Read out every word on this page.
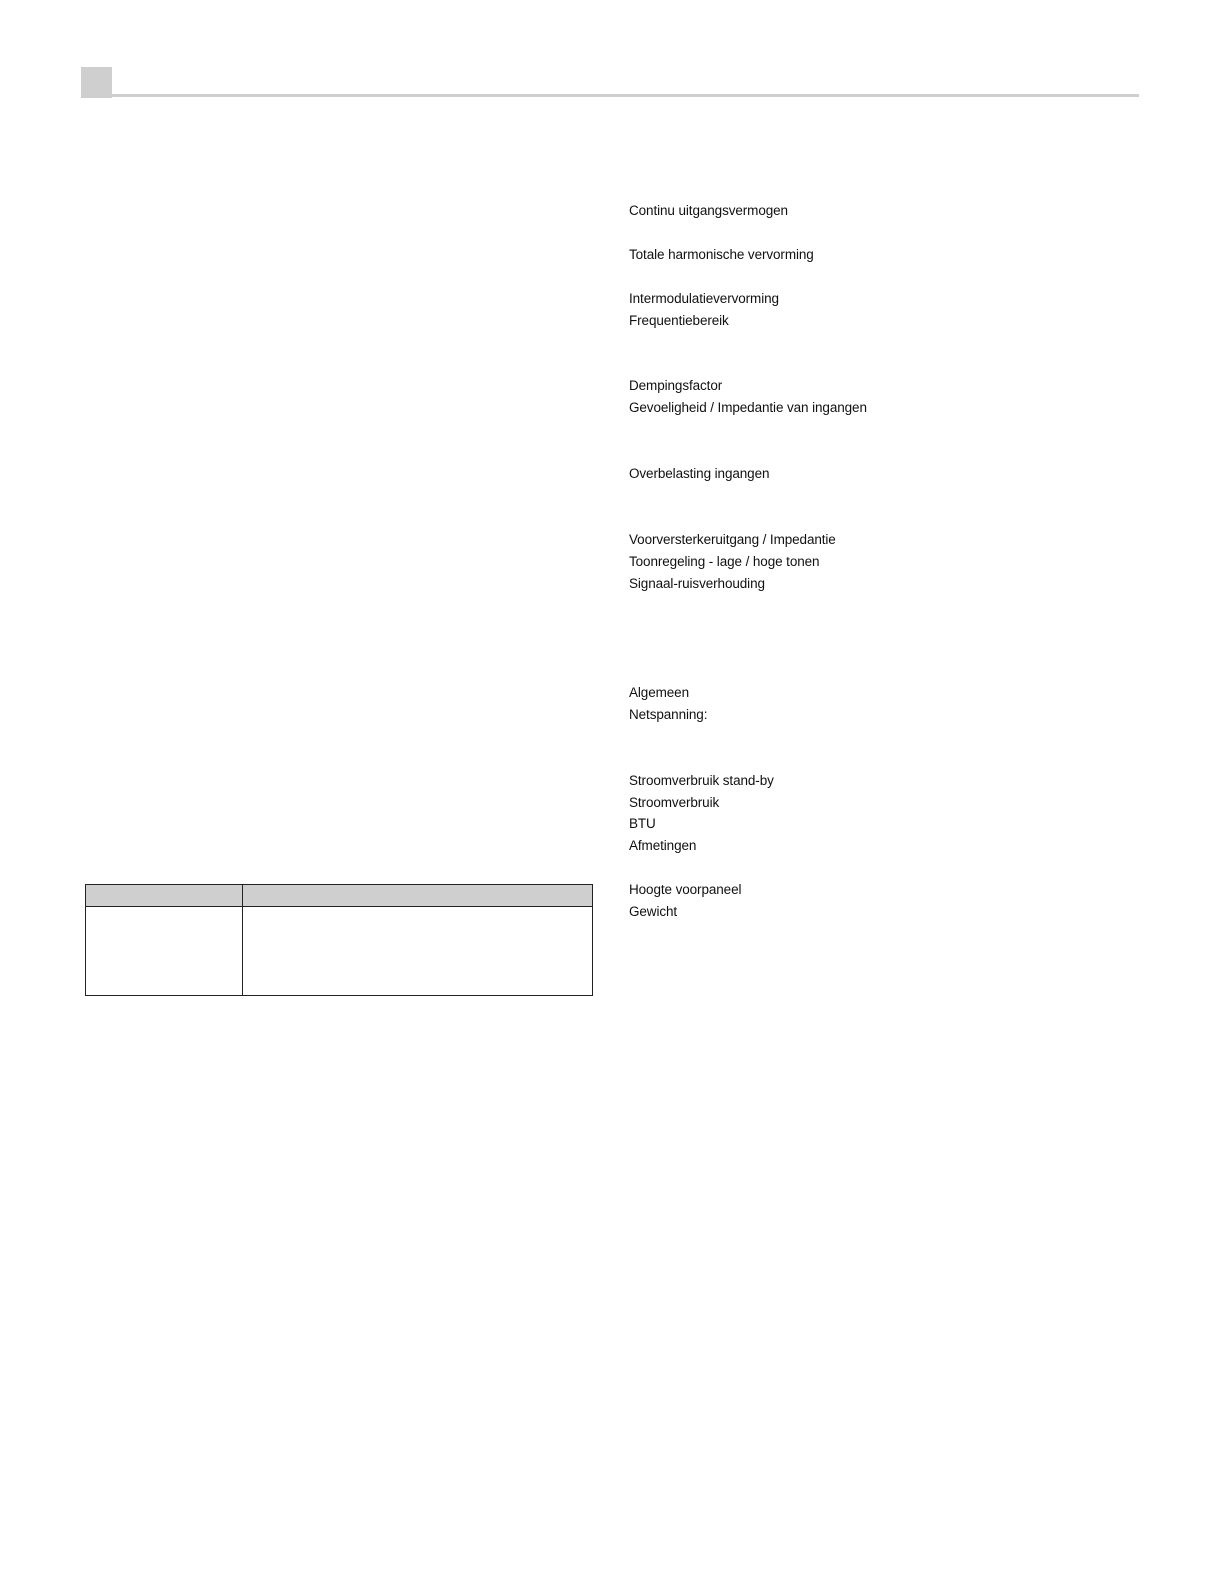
Continu uitgangsvermogen
Totale harmonische vervorming
Intermodulatievervorming
Frequentiebereik
Dempingsfactor
Gevoeligheid / Impedantie van ingangen
Overbelasting ingangen
Voorversterkeruitgang / Impedantie
Toonregeling - lage / hoge tonen
Signaal-ruisverhouding
Algemeen
Netspanning:
Stroomverbruik stand-by
Stroomverbruik
BTU
Afmetingen
Hoogte voorpaneel
Gewicht
